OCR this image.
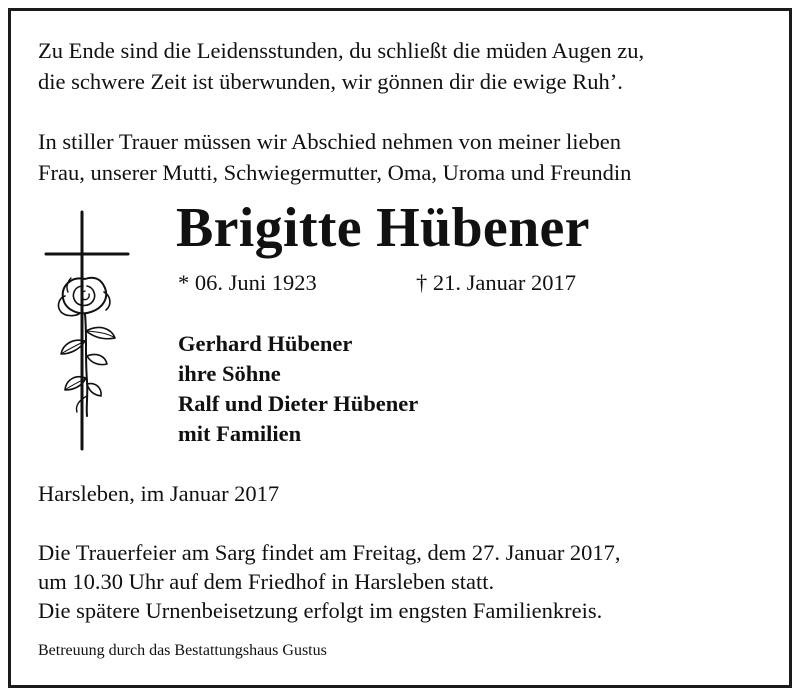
Zu Ende sind die Leidensstunden, du schließt die müden Augen zu,
die schwere Zeit ist überwunden, wir gönnen dir die ewige Ruh’.
In stiller Trauer müssen wir Abschied nehmen von meiner lieben
Frau, unserer Mutti, Schwiegermutter, Oma, Uroma und Freundin
Brigitte Hübener
* 06. Juni 1923	† 21. Januar 2017
Gerhard Hübener
ihre Söhne
Ralf und Dieter Hübener
mit Familien
Harsleben, im Januar 2017
Die Trauerfeier am Sarg findet am Freitag, dem 27. Januar 2017,
um 10.30 Uhr auf dem Friedhof in Harsleben statt.
Die spätere Urnenbeisetzung erfolgt im engsten Familienkreis.
Betreuung durch das Bestattungshaus Gustus
